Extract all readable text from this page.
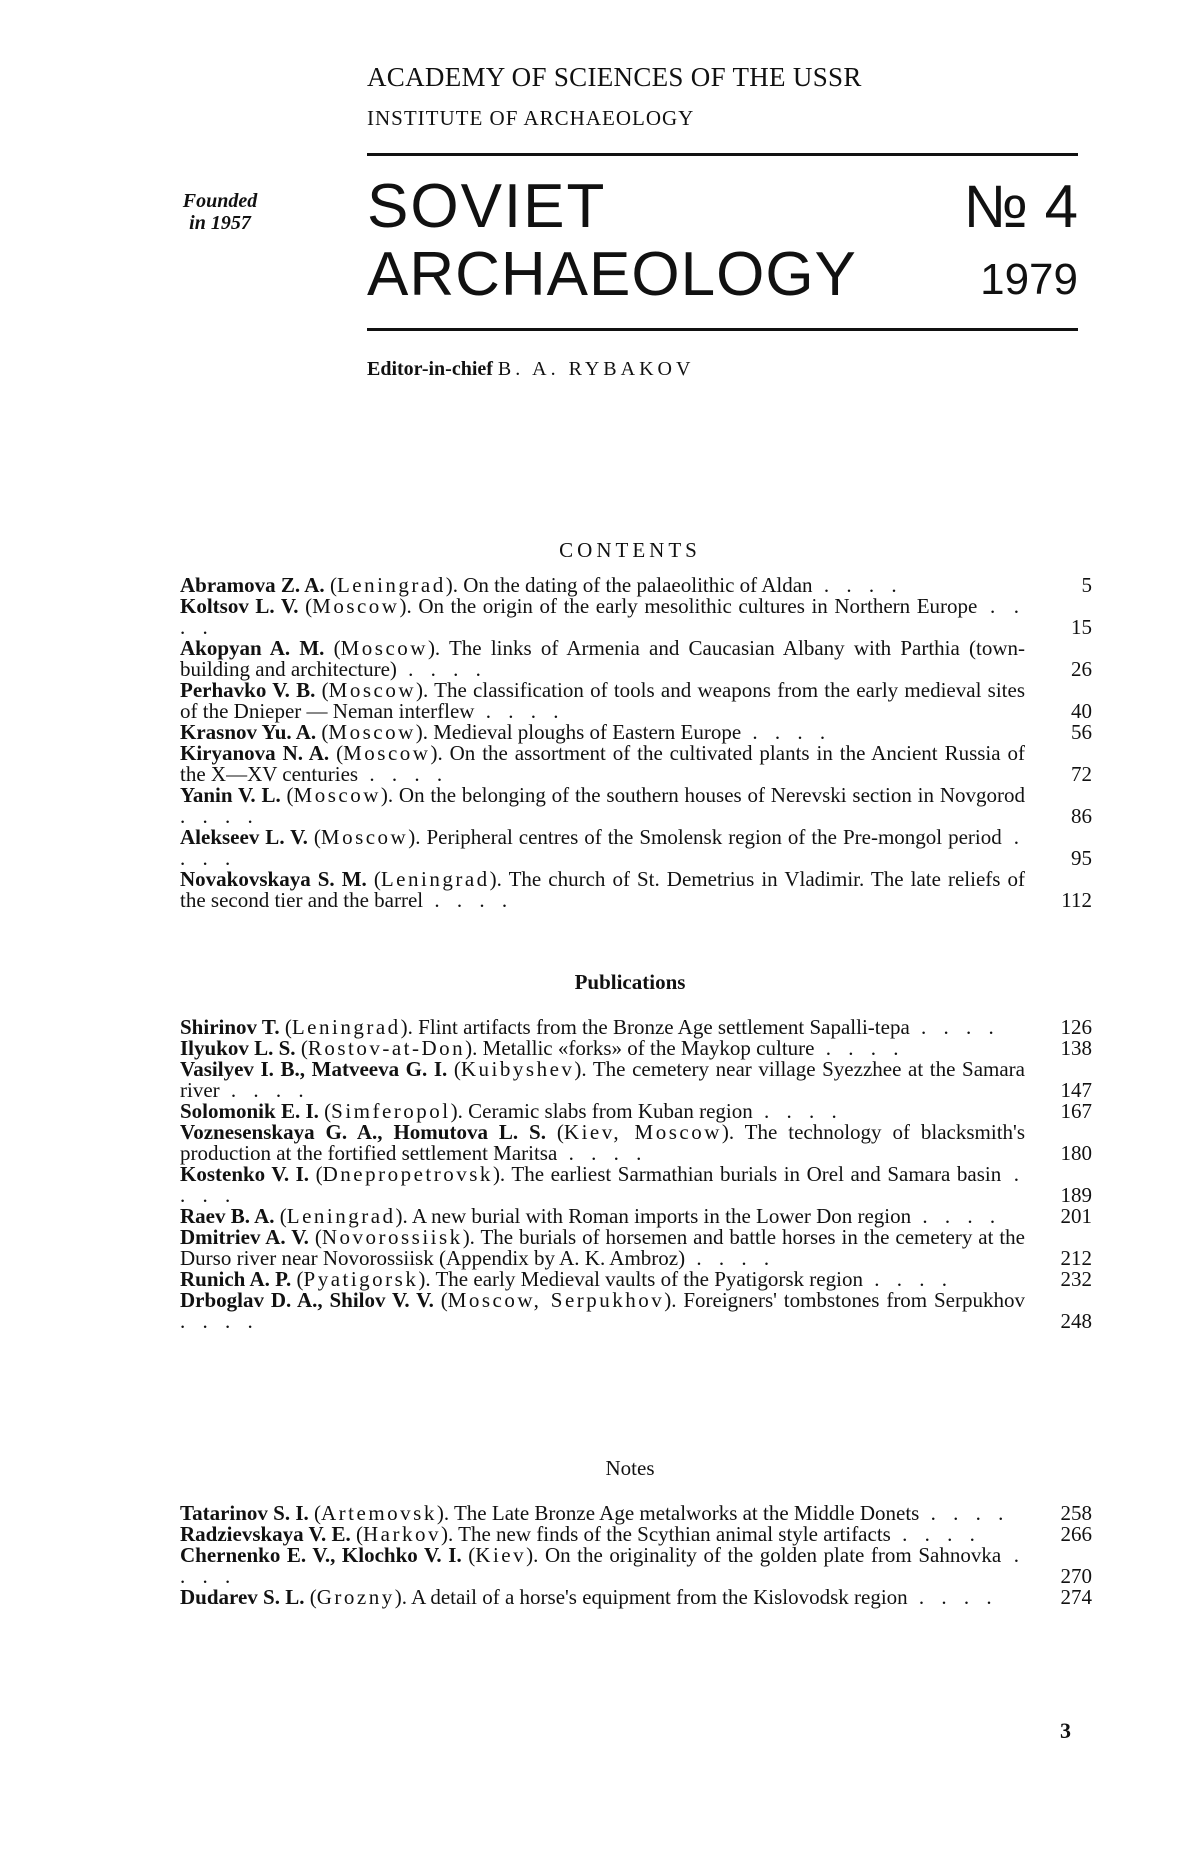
ACADEMY OF SCIENCES OF THE USSR
INSTITUTE OF ARCHAEOLOGY
Founded
in 1957	SOVIET
ARCHAEOLOGY
№ 4
1979
Editor-in-chief B. A. RYBAKOV
CONTENTS
Abramova Z. A. (Leningrad). On the dating of the palaeolithic of Aldan . . . .	5
Koltsov L. V. (Moscow). On the origin of the early mesolithic cultures in Northern Europe . . . .	15
Akopyan A. M. (Moscow). The links of Armenia and Caucasian Albany with Parthia (town-building and architecture) . . . .	26
Perhavko V. B. (Moscow). The classification of tools and weapons from the early medieval sites of the Dnieper — Neman interflew . . . .	40
Krasnov Yu. A. (Moscow). Medieval ploughs of Eastern Europe . . . .	56
Kiryanova N. A. (Moscow). On the assortment of the cultivated plants in the Ancient Russia of the X—XV centuries . . . .	72
Yanin V. L. (Moscow). On the belonging of the southern houses of Nerevski section in Novgorod . . . .	86
Alekseev L. V. (Moscow). Peripheral centres of the Smolensk region of the Pre-mongol period . . . .	95
Novakovskaya S. M. (Leningrad). The church of St. Demetrius in Vladimir. The late reliefs of the second tier and the barrel . . . .	112
Publications
Shirinov T. (Leningrad). Flint artifacts from the Bronze Age settlement Sapalli-tepa . . . .	126
Ilyukov L. S. (Rostov-at-Don). Metallic «forks» of the Maykop culture . . . .	138
Vasilyev I. B., Matveeva G. I. (Kuibyshev). The cemetery near village Syezzhee at the Samara river . . . .	147
Solomonik E. I. (Simferopol). Ceramic slabs from Kuban region . . . .	167
Voznesenskaya G. A., Homutova L. S. (Kiev, Moscow). The technology of blacksmith's production at the fortified settlement Maritsa . . . .	180
Kostenko V. I. (Dnepropetrovsk). The earliest Sarmathian burials in Orel and Samara basin . . . .	189
Raev B. A. (Leningrad). A new burial with Roman imports in the Lower Don region . . . .	201
Dmitriev A. V. (Novorossiisk). The burials of horsemen and battle horses in the cemetery at the Durso river near Novorossiisk (Appendix by A. K. Ambroz) . . . .	212
Runich A. P. (Pyatigorsk). The early Medieval vaults of the Pyatigorsk region . . . .	232
Drboglav D. A., Shilov V. V. (Moscow, Serpukhov). Foreigners' tombstones from Serpukhov . . . .	248
Notes
Tatarinov S. I. (Artemovsk). The Late Bronze Age metalworks at the Middle Donets . . . .	258
Radzievskaya V. E. (Harkov). The new finds of the Scythian animal style artifacts . . . .	266
Chernenko E. V., Klochko V. I. (Kiev). On the originality of the golden plate from Sahnovka . . . .	270
Dudarev S. L. (Grozny). A detail of a horse's equipment from the Kislovodsk region . . . .	274
3
